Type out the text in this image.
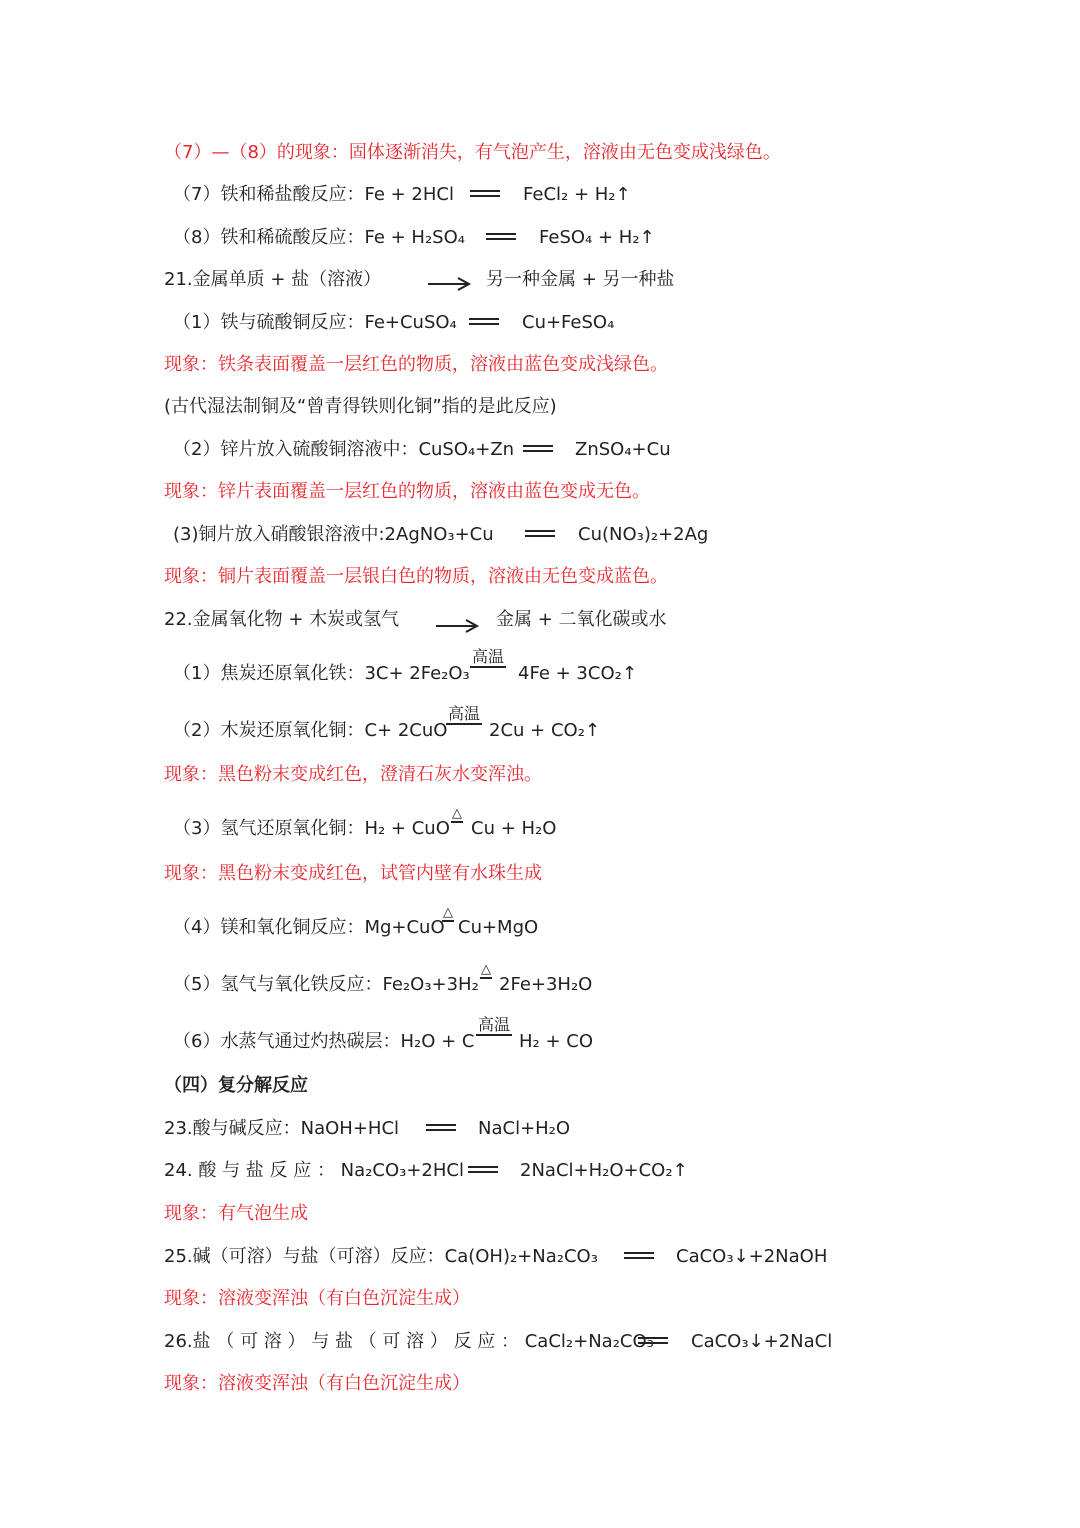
（7）—（8）的现象：固体逐渐消失，有气泡产生，溶液由无色变成浅绿色。
（7）铁和稀盐酸反应：Fe + 2HCl	FeCl₂ + H₂↑
（8）铁和稀硫酸反应：Fe + H₂SO₄	FeSO₄ + H₂↑
21.金属单质 + 盐（溶液）	另一种金属 + 另一种盐
（1）铁与硫酸铜反应：Fe+CuSO₄	Cu+FeSO₄
现象：铁条表面覆盖一层红色的物质，溶液由蓝色变成浅绿色。
(古代湿法制铜及“曾青得铁则化铜”指的是此反应)
（2）锌片放入硫酸铜溶液中：CuSO₄+Zn	ZnSO₄+Cu
现象：锌片表面覆盖一层红色的物质，溶液由蓝色变成无色。
(3)铜片放入硝酸银溶液中:2AgNO₃+Cu	Cu(NO₃)₂+2Ag
现象：铜片表面覆盖一层银白色的物质，溶液由无色变成蓝色。
22.金属氧化物 + 木炭或氢气	金属 + 二氧化碳或水
（1）焦炭还原氧化铁：3C+ 2Fe₂O₃
高温
4Fe + 3CO₂↑
（2）木炭还原氧化铜：C+ 2CuO
高温
2Cu + CO₂↑
现象：黑色粉末变成红色，澄清石灰水变浑浊。
（3）氢气还原氧化铜：H₂ + CuO
△
Cu + H₂O
现象：黑色粉末变成红色，试管内壁有水珠生成
（4）镁和氧化铜反应：Mg+CuO
△
Cu+MgO
（5）氢气与氧化铁反应：Fe₂O₃+3H₂
△
2Fe+3H₂O
（6）水蒸气通过灼热碳层：H₂O + C
高温
H₂ + CO
（四）复分解反应
23.酸与碱反应：NaOH+HCl	NaCl+H₂O
24. 酸 与 盐 反 应 ： Na₂CO₃+2HCl	2NaCl+H₂O+CO₂↑
现象：有气泡生成
25.碱（可溶）与盐（可溶）反应：Ca(OH)₂+Na₂CO₃	CaCO₃↓+2NaOH
现象：溶液变浑浊（有白色沉淀生成）
26.盐 （ 可 溶 ） 与 盐 （ 可 溶 ） 反 应 ： CaCl₂+Na₂CO₃ CaCO₃↓+2NaCl
现象：溶液变浑浊（有白色沉淀生成）
